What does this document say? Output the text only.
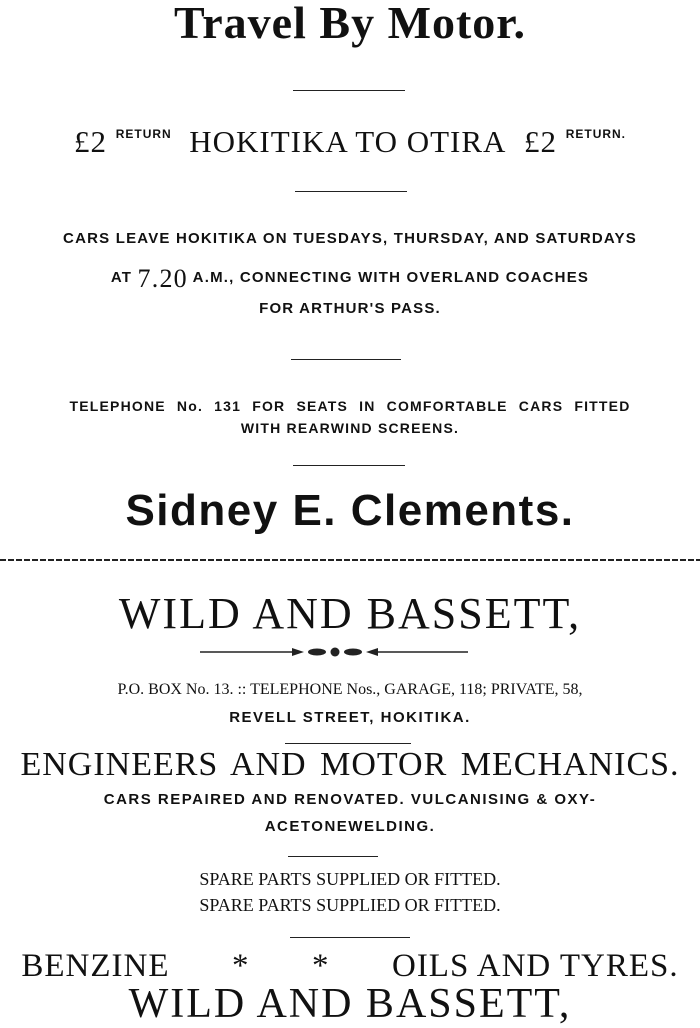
Travel By Motor.
£2 $^{RETURN}$ HOKITIKA TO OTIRA £2 $^{RETURN.}$
CARS LEAVE HOKITIKA ON TUESDAYS, THURSDAY, AND SATURDAYS
AT 7.20 A.M., CONNECTING WITH OVERLAND COACHES
FOR ARTHUR'S PASS.
TELEPHONE No. 131 FOR SEATS IN COMFORTABLE CARS FITTED
WITH REARWIND SCREENS.
Sidney E. Clements.
WILD AND BASSETT,
P.O. BOX No. 13. :: TELEPHONE Nos., GARAGE, 118; PRIVATE, 58,
REVELL STREET, HOKITIKA.
ENGINEERS AND MOTOR MECHANICS.
CARS REPAIRED AND RENOVATED. VULCANISING & OXY-
ACETONEWELDING.
SPARE PARTS SUPPLIED OR FITTED.
SPARE PARTS SUPPLIED OR FITTED.
BENZINE * * OILS AND TYRES.
WILD AND BASSETT,
